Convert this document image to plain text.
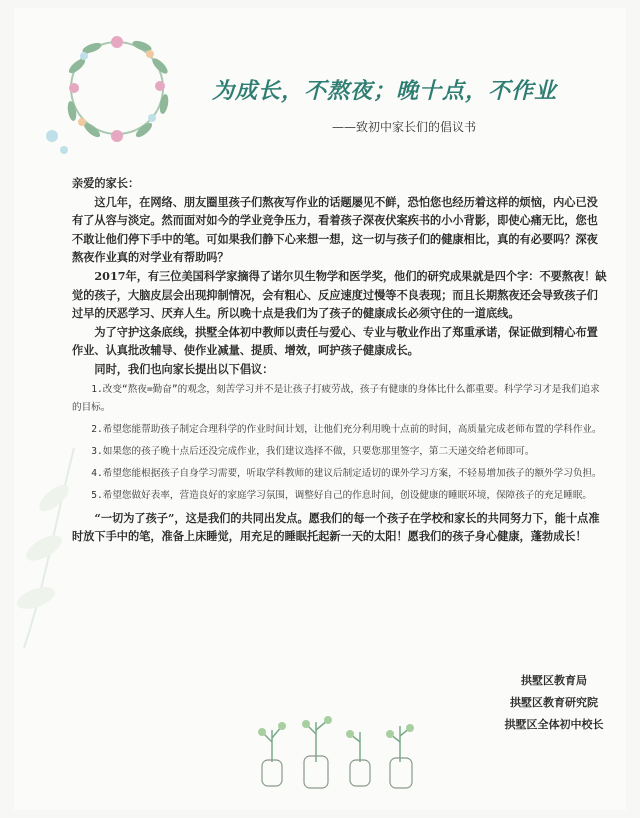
为成长，不熬夜；晚十点，不作业
——致初中家长们的倡议书

亲爱的家长：

这几年，在网络、朋友圈里孩子们熬夜写作业的话题屡见不鲜，恐怕您也经历着这样的烦恼，内心已没有了从容与淡定。然而面对如今的学业竞争压力，看着孩子深夜伏案疾书的小小背影，即使心痛无比，您也不敢让他们停下手中的笔。可如果我们静下心来想一想，这一切与孩子们的健康相比，真的有必要吗？深夜熬夜作业真的对学业有帮助吗？

2017年，有三位美国科学家摘得了诺尔贝生物学和医学奖，他们的研究成果就是四个字：不要熬夜！缺觉的孩子，大脑皮层会出现抑制情况，会有粗心、反应速度过慢等不良表现；而且长期熬夜还会导致孩子们过早的厌恶学习、厌弃人生。所以晚十点是我们为了孩子的健康成长必须守住的一道底线。

为了守护这条底线，拱墅全体初中教师以责任与爱心、专业与敬业作出了郑重承诺，保证做到精心布置作业、认真批改辅导、使作业减量、提质、增效，呵护孩子健康成长。

同时，我们也向家长提出以下倡议：

1.改变“熬夜=勤奋”的观念，刻苦学习并不是让孩子打疲劳战，孩子有健康的身体比什么都重要。科学学习才是我们追求的目标。

2.希望您能帮助孩子制定合理科学的作业时间计划，让他们充分利用晚十点前的时间，高质量完成老师布置的学科作业。

3.如果您的孩子晚十点后还没完成作业，我们建议选择不做，只要您那里签字，第二天递交给老师即可。

4.希望您能根据孩子自身学习需要，听取学科教师的建议后制定适切的课外学习方案，不轻易增加孩子的额外学习负担。

5.希望您做好表率，营造良好的家庭学习氛围，调整好自己的作息时间，创设健康的睡眠环境，保障孩子的充足睡眠。

“一切为了孩子”，这是我们的共同出发点。愿我们的每一个孩子在学校和家长的共同努力下，能十点准时放下手中的笔，准备上床睡觉，用充足的睡眠托起新一天的太阳！愿我们的孩子身心健康，蓬勃成长！

拱墅区教育局
拱墅区教育研究院
拱墅区全体初中校长
